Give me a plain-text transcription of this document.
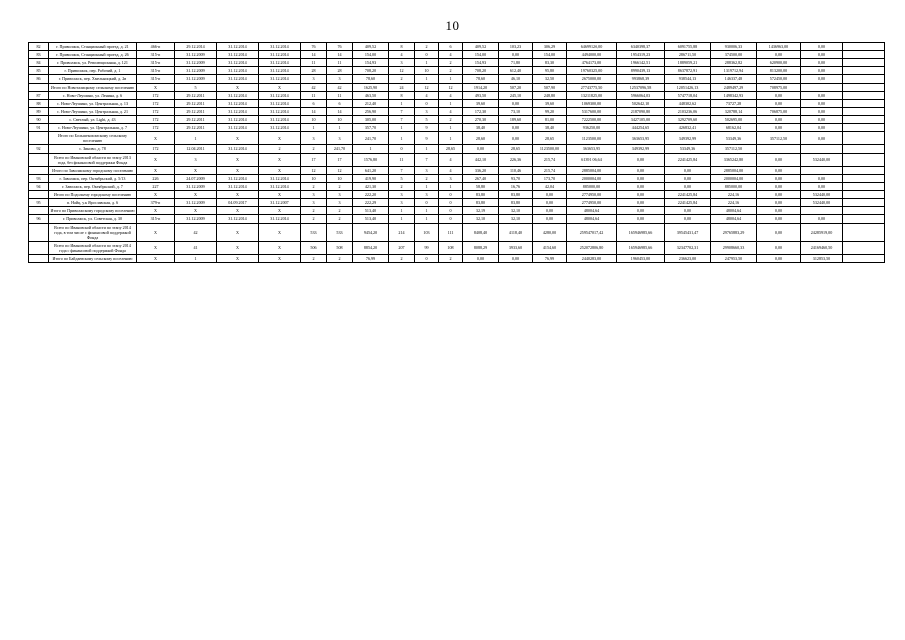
10
82	г. Приволжск, Станционный проезд, д. 21	466-п	29.12.2014	31.12.2014	31.12.2014	76	76	409,52	8	2	6	409,52	103,23	306,29	6469912б,00	6340398,37	6091755,88	930006,33	1436963,00	0,00	
83	г. Приволжск, Станционный проезд, д. 26	315-п	31.12.2009	31.12.2014	31.12.2014	14	14	154,00	4	0	4	154,00	0,00	154,00	4494000,00	1954319,23	286711,50	374500,00	0,00	0,00	
84	г. Приволжск, ул. Революционная, д. 121	315-п	31.12.2009	31.12.2014	31.12.2014	11	11	154,93	3	1	2	154,93	71,80	83,30	4764173,00	1966142,51	1889059,21	288362,82	620900,00	0,00	
85	г. Приволжск, пер. Рабочий, д. 1	315-п	31.12.2009	31.12.2014	31.12.2014	28	28	708,20	12	10	2	708,20	612,40	95,80	19760325,00	8990439,13	8637872,91	1319712,94	813200,00	0,00	
86	г. Приволжск, пер. Хмельницкий, д. 2в	315-п	31.12.2009	31.12.2014	31.12.2014	3	3	78,60	2	1	1	78,60	46,10	32,50	2675000,00	993868,39	938544,13	146337,48	572450,00	0,00	
	Итого по Новоталицкому сельскому поселению	X	5	X	X	42	42	1625,90	24	12	12	1914,20	507,20	507,90	27743775,50	12537096,58	12051426,13	2489497,29	708975,00		
87	с. Ново-Леушино, ул. Ленина, д. 6	172	29.12.2011	31.12.2014	31.12.2014	11	11	463,50	8	4	4	493,50	245,10	248,80	13211825,00	5966064,03	5747718,04	1498342,93	0,00	0,00	
88	с. Ново-Леушино, ул. Центральная, д. 13	172	29.12.2011	31.12.2014	31.12.2014	6	6	212,40	1	0	1	39,60	0,00	39,60	1069300,00	502642,10	448302,62	73727,28	0,00	0,00	
89	с. Ново-Леушино, ул. Центральная, д. 21	172	29.12.2011	31.12.2014	31.12.2014	14	14	256,90	7	3	4	172,30	73,10	99,20	5317600,00	2187090,80	2103236,06	320788,14	706875,00	0,00	
90	с. Светлый, ул. Light, д. 43	172	29.12.2011	31.12.2014	31.12.2014	10	10	305,00	7	5	2	270,30	189,60	81,00	7222500,00	3427105,00	3292709,60	502695,00	0,00	0,00	
91	с. Ново-Леушино, ул. Центральная, д. 7	172	29.12.2011	31.12.2014	31.12.2014	1	1	357,70	1	9	1	38,40	0,00	38,40	936250,00	444254,65	426832,41	68162,04	0,00	0,00	
	Итого по Большекохомскому сельскому поселению	X	1	X	X	3	3	241,70	1	9	1	28,60	0,00	28,65	1123500,00	363653,95	349392,99	53349,36	357112,50	0,00	
92	с. Зиново, д. 78	172	12.04.2011	31.12.2014	2	2	241,70	1	0	1	28,65	0,00	28,65	1123500,00	363653,95	349392,99	53349,36	357112,50			
	Всего по Ивановской области по этапу 2013 года, без финансовой поддержки Фонда	X	3	X	X	17	17	1576,80	11	7	4	442,10	226,36	215,74	61391 06,64	0,00	2241425,84	3365242,80	0,00	532440,00	
	Итого по Заволжскому городскому поселению	X	X	X	X	12	12	641,20	7	3	4	336,20	110,46	215,74	2885004,00	0,00	0,00	2885004,00	0,00		
93	г. Заволжск, пер. Октябрьский, д. 5/13	226	24.07.2009	31.12.2014	31.12.2014	10	10	419,90	5	2	3	267,40	93,70	173,70	2000004,00	0,00	0,00	2000004,00	0,00	0,00	
94	г. Заволжск, пер. Октябрьский, д. 7	227	31.12.2009	31.12.2014	31.12.2014	2	2	421,30	2	1	1	58,80	16,76	42,04	885000,00	0,00	0,00	885000,00	0,00	0,00	
	Итого по Подольему городскому поселению	X	X	X	X	3	3	222,20	3	3	0	83,80	83,80	0,00	2774950,00	0,00	2241425,84	224,16	0,00	532440,00	
95	п. Найц, у.к Ярославская, д. 6	379-п	31.12.2009	04.09.2017	31.12.2007	3	3	222,29	3	0	0	83,80	83,80	0,00	2774950,00	0,00	2241425,84	224,16	0,00	532440,00	
	Итого по Приволжскому городскому поселению	X	X	X	X	2	2	513,40	1	1	0	32,19	32,10	0,00	48004,64	0,00	0,00	48004,64	0,00		
96	г. Приволжск, ул. Советская, д. 30	315-п	31.12.2009	31.12.2014	31.12.2014	2	2	513,40	1	1	0	32,10	32,10	0,00	48004,64	0,00	0,00	48004,64	0,00	0,00	
	Всего по Ивановской области по этапу 2014 года, в том числе с финансовой поддержкой Фонда	X	42	X	X	533	533	9454,20	214	103	111	8408,40	4118,40	4280,00	259547017,42	165946985,66	39545431,47	29765883,29	0,00	24285919,00	
	Всего по Ивановской области по этапу 2014 года с финансовой поддержкой Фонда	X	41	X	X	506	508	8854,20	207	99	108	8088,29	3933,60	4154,60	252072806,80	165946985,66	32347702,31	29908660,33	0,00	24169460,50	
	Итого по Байдаевскому сельскому поселению	X	1	X	X	2	2	76,99	2	0	2	0,00	0,00	76,99	2440283,00	1960453,00	236623,00	247953,50	0,00	312853,50	
